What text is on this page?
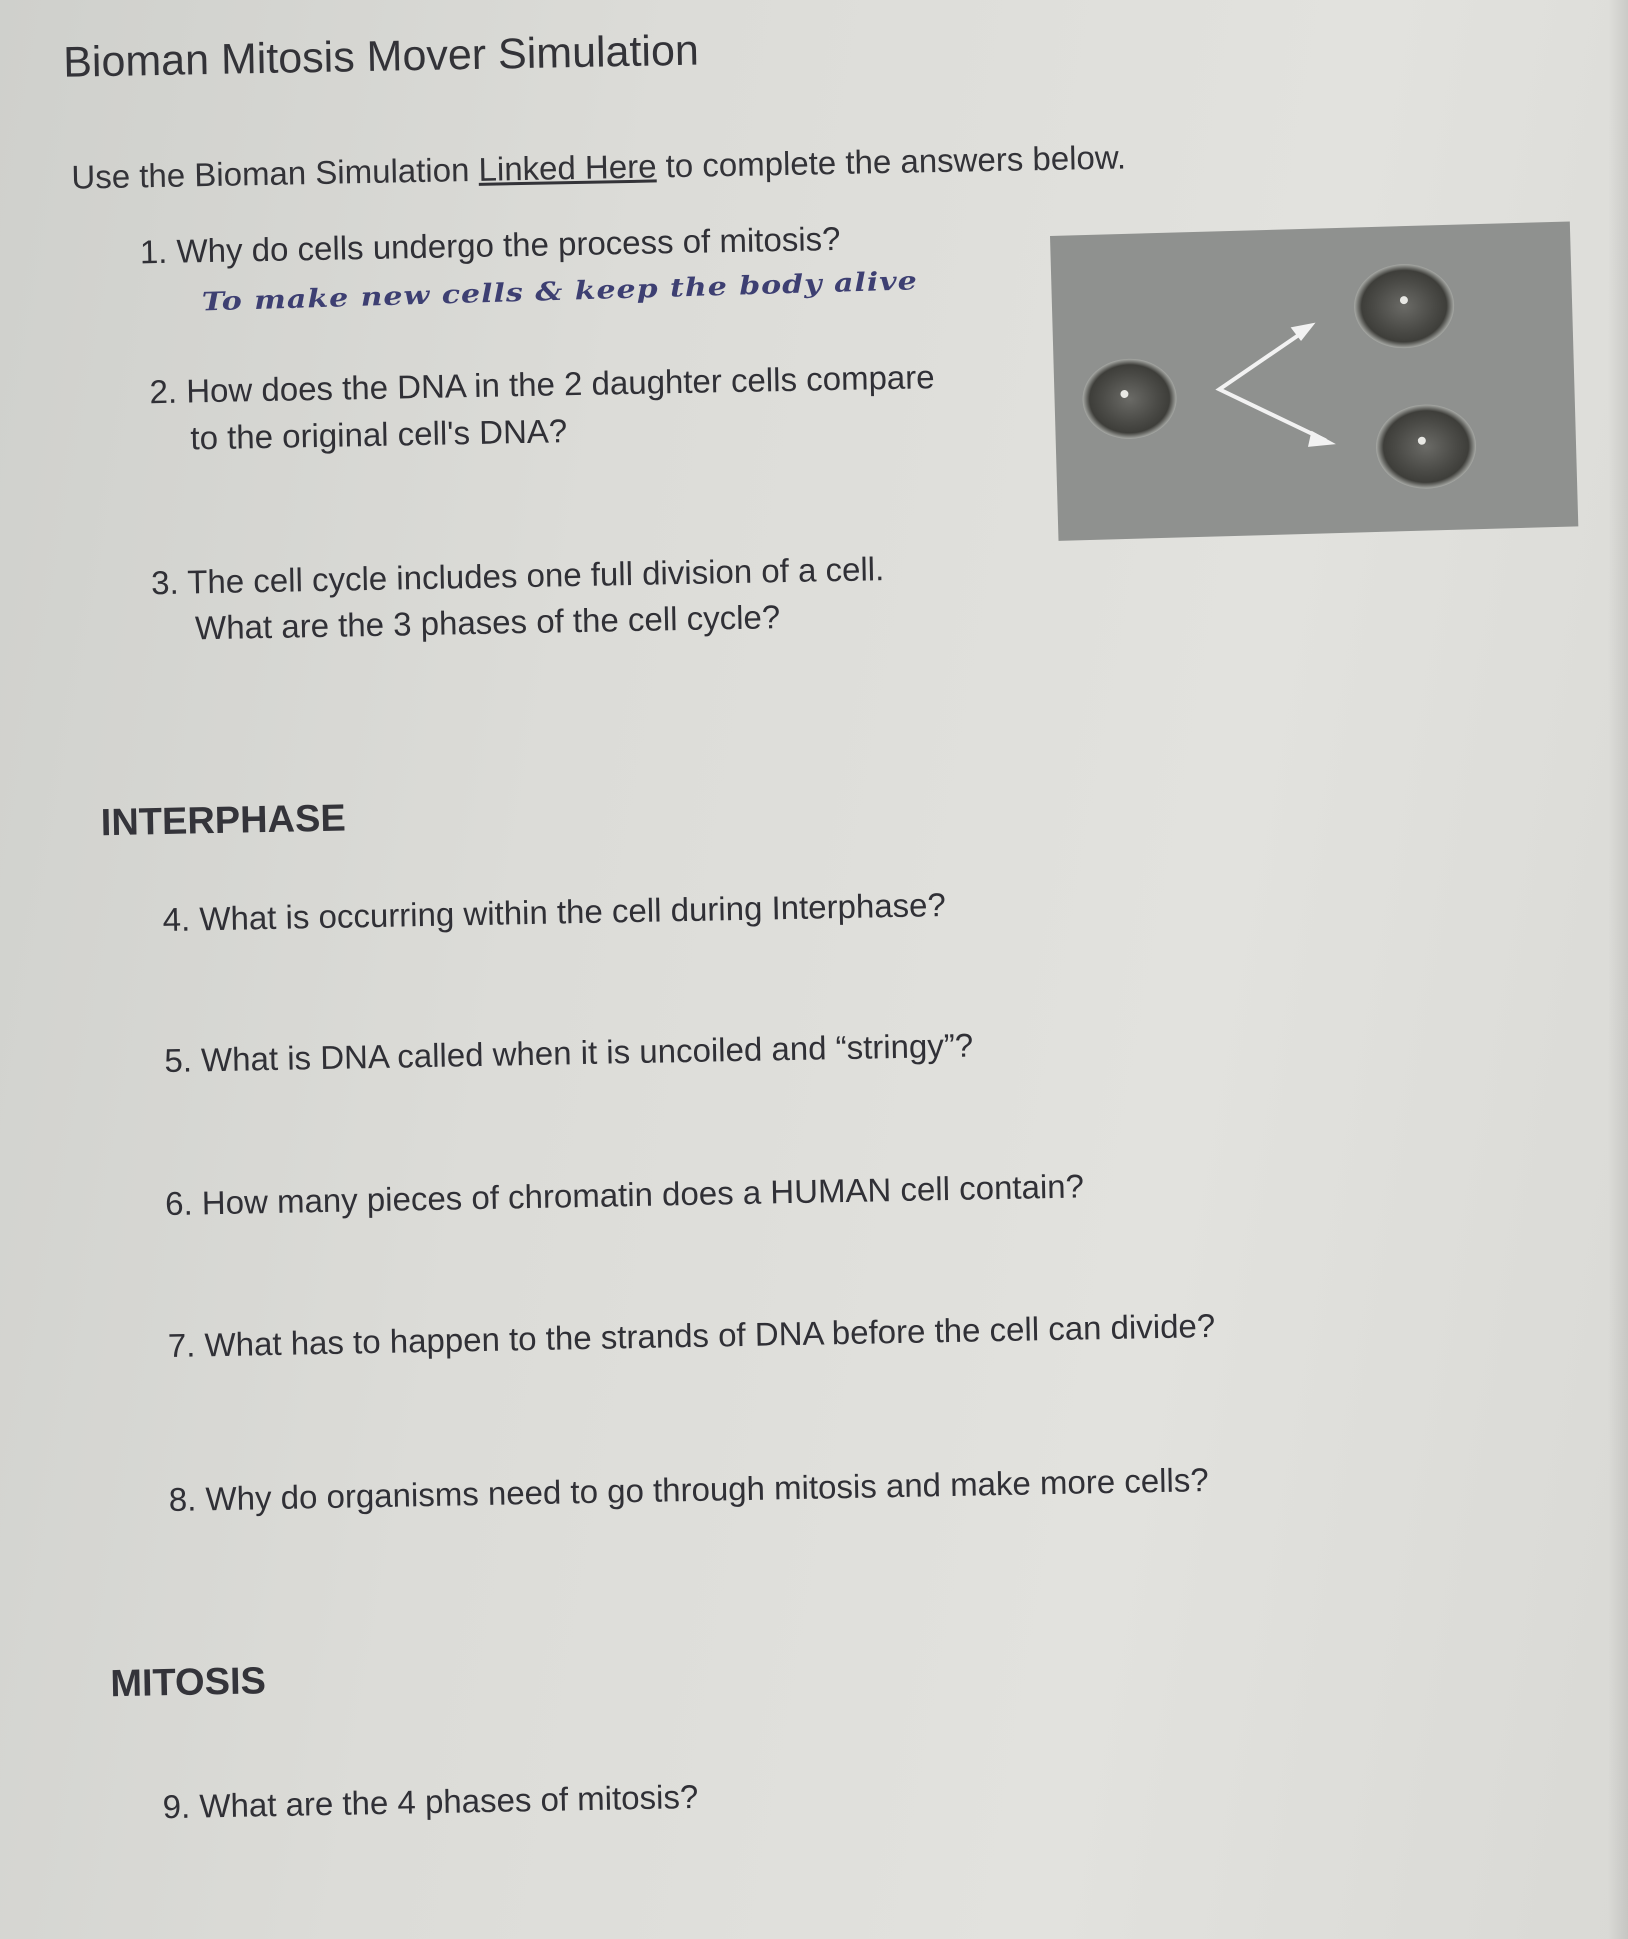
Bioman Mitosis Mover Simulation
Use the Bioman Simulation Linked Here to complete the answers below.
1. Why do cells undergo the process of mitosis?
To make new cells & keep the body alive
2. How does the DNA in the 2 daughter cells compare
to the original cell's DNA?
3. The cell cycle includes one full division of a cell.
What are the 3 phases of the cell cycle?
INTERPHASE
4. What is occurring within the cell during Interphase?
5. What is DNA called when it is uncoiled and “stringy”?
6. How many pieces of chromatin does a HUMAN cell contain?
7. What has to happen to the strands of DNA before the cell can divide?
8. Why do organisms need to go through mitosis and make more cells?
MITOSIS
9. What are the 4 phases of mitosis?
